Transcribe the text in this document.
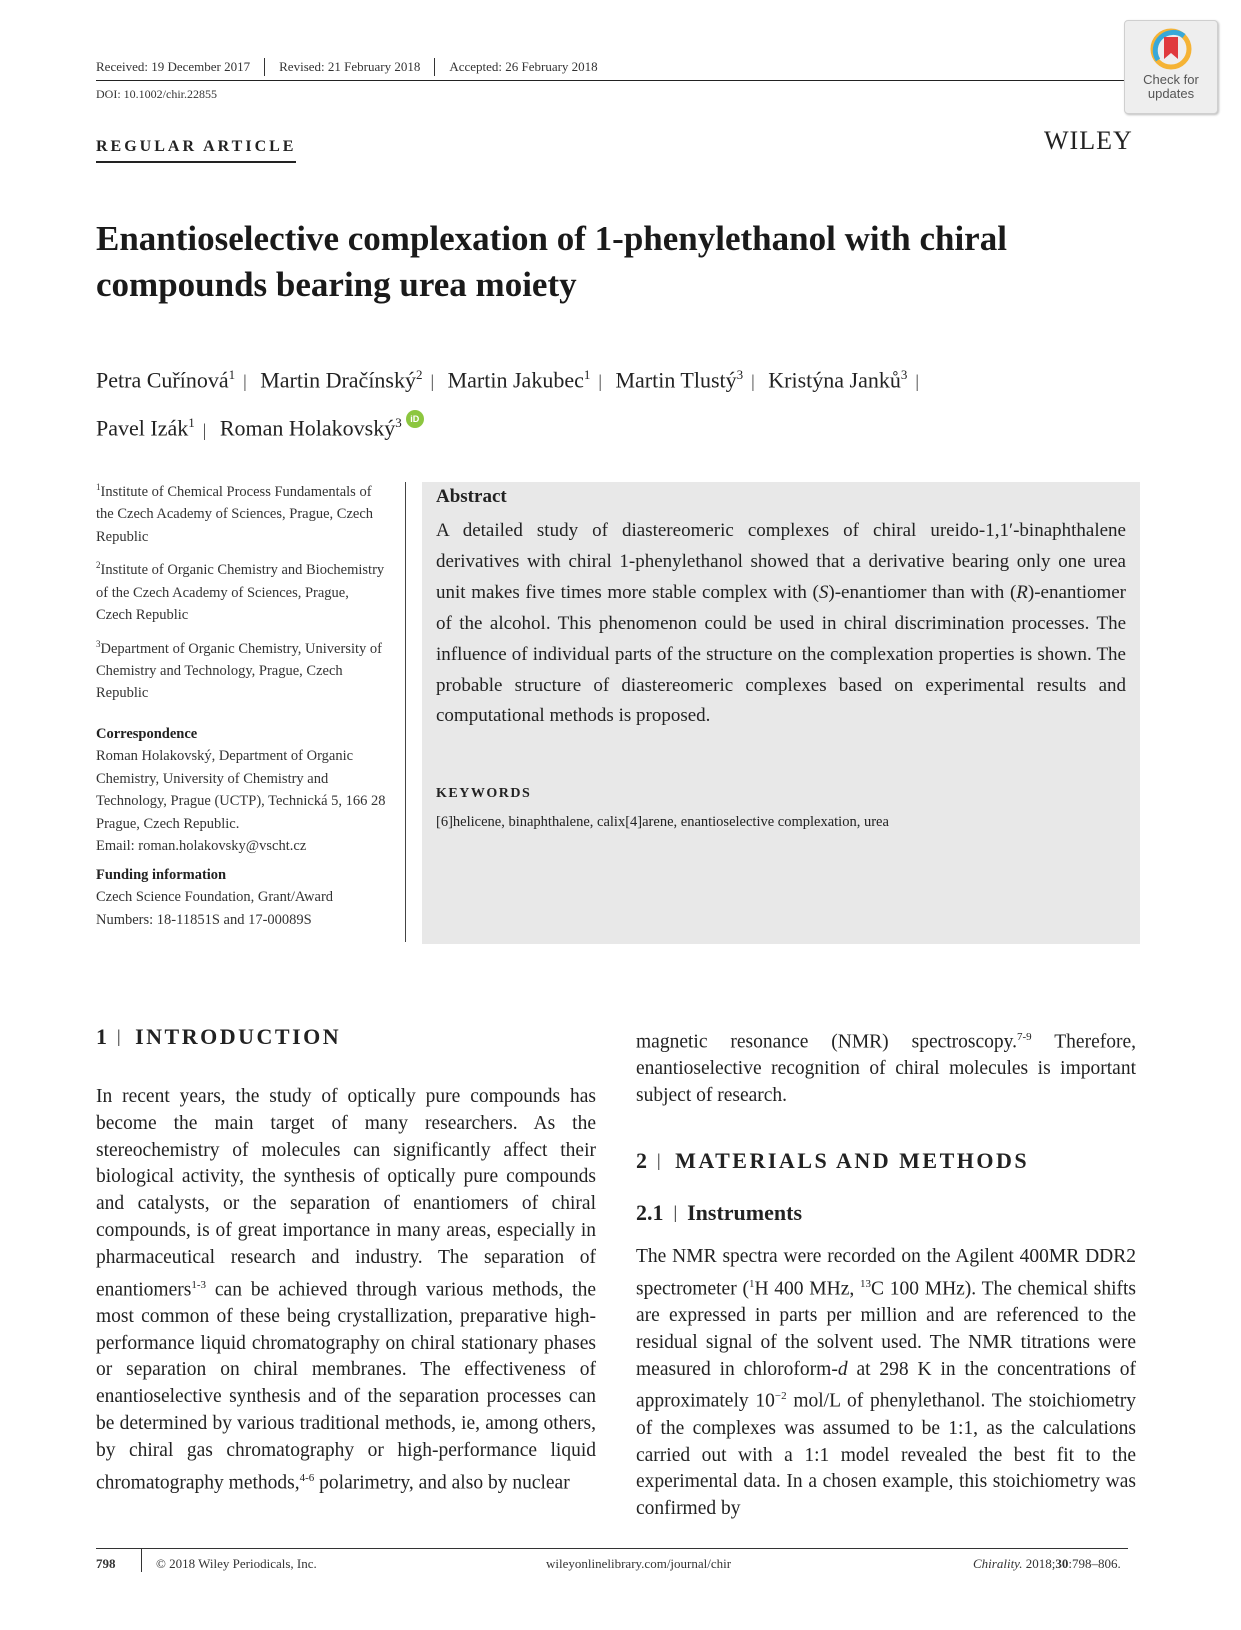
Received: 19 December 2017	Revised: 21 February 2018	Accepted: 26 February 2018
DOI: 10.1002/chir.22855
Check for
updates
REGULAR ARTICLE	WILEY
Enantioselective complexation of 1-phenylethanol with chiral compounds bearing urea moiety
Petra Cuřínová$^1$ | Martin Dračínský$^2$ | Martin Jakubec$^1$ | Martin Tlustý$^3$ | Kristýna Janků$^3$ |
Pavel Izák$^1$ | Roman Holakovský$^3$ iD

$^1$Institute of Chemical Process Fundamentals of the Czech Academy of Sciences, Prague, Czech Republic

$^2$Institute of Organic Chemistry and Biochemistry of the Czech Academy of Sciences, Prague, Czech Republic

$^3$Department of Organic Chemistry, University of Chemistry and Technology, Prague, Czech Republic

Correspondence

Roman Holakovský, Department of Organic Chemistry, University of Chemistry and Technology, Prague (UCTP), Technická 5, 166 28 Prague, Czech Republic.

Email: roman.holakovsky@vscht.cz

Funding information

Czech Science Foundation, Grant/Award Numbers: 18-11851S and 17-00089S

Abstract
A detailed study of diastereomeric complexes of chiral ureido-1,1′-binaphthalene derivatives with chiral 1-phenylethanol showed that a derivative bearing only one urea unit makes five times more stable complex with (S)-enantiomer than with (R)-enantiomer of the alcohol. This phenomenon could be used in chiral discrimination processes. The influence of individual parts of the structure on the complexation properties is shown. The probable structure of diastereomeric complexes based on experimental results and computational methods is proposed.
KEYWORDS
[6]helicene, binaphthalene, calix[4]arene, enantioselective complexation, urea
1 | INTRODUCTION
In recent years, the study of optically pure compounds has become the main target of many researchers. As the stereochemistry of molecules can significantly affect their biological activity, the synthesis of optically pure compounds and catalysts, or the separation of enantiomers of chiral compounds, is of great importance in many areas, especially in pharmaceutical research and industry. The separation of enantiomers$^{1-3}$ can be achieved through various methods, the most common of these being crystallization, preparative high-performance liquid chromatography on chiral stationary phases or separation on chiral membranes. The effectiveness of enantioselective synthesis and of the separation processes can be determined by various traditional methods, ie, among others, by chiral gas chromatography or high-performance liquid chromatography methods,$^{4-6}$ polarimetry, and also by nuclear
magnetic resonance (NMR) spectroscopy.$^{7-9}$ Therefore, enantioselective recognition of chiral molecules is important subject of research.
2 | MATERIALS AND METHODS
2.1 | Instruments
The NMR spectra were recorded on the Agilent 400MR DDR2 spectrometer ($^1$H 400 MHz, $^{13}$C 100 MHz). The chemical shifts are expressed in parts per million and are referenced to the residual signal of the solvent used. The NMR titrations were measured in chloroform-d at 298 K in the concentrations of approximately $10^{-2}$ mol/L of phenylethanol. The stoichiometry of the complexes was assumed to be 1:1, as the calculations carried out with a 1:1 model revealed the best fit to the experimental data. In a chosen example, this stoichiometry was confirmed by
798	© 2018 Wiley Periodicals, Inc.	wileyonlinelibrary.com/journal/chir	Chirality. 2018;30:798–806.
